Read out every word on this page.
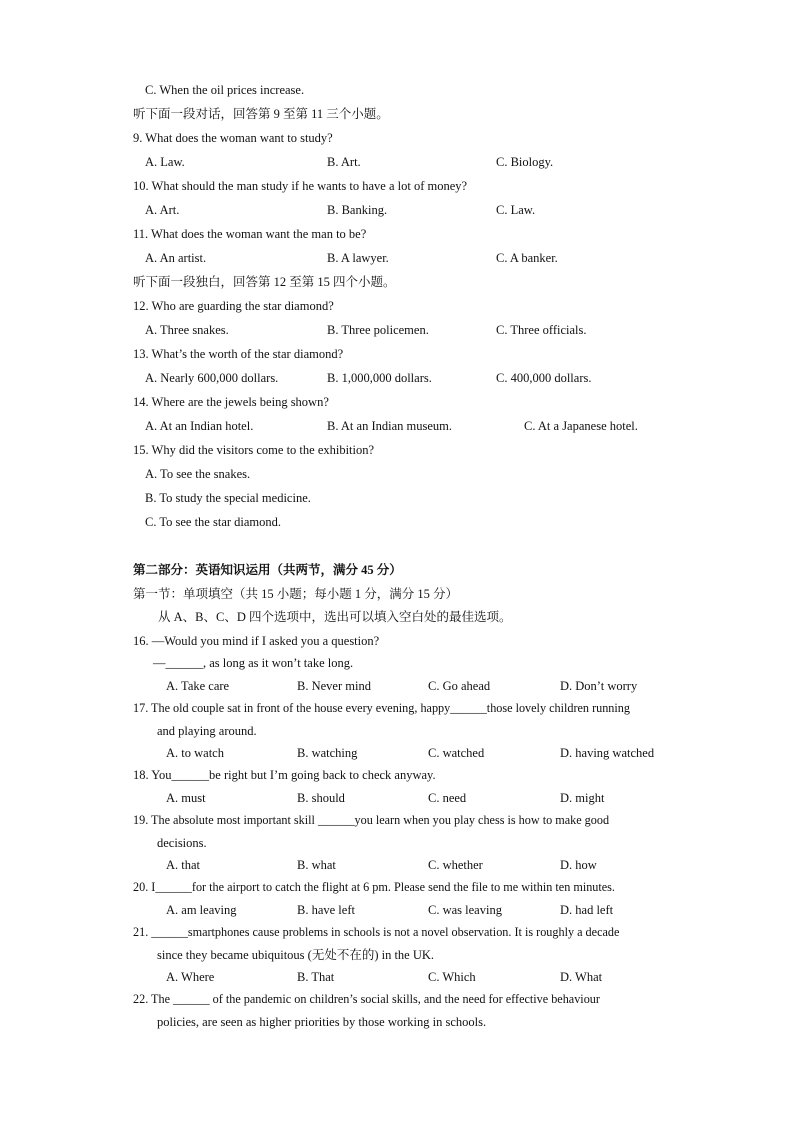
C. When the oil prices increase.
听下面一段对话，回答第 9 至第 11 三个小题。
9. What does the woman want to study?
A. Law.	B. Art.	C. Biology.
10. What should the man study if he wants to have a lot of money?
A. Art.	B. Banking.	C. Law.
11. What does the woman want the man to be?
A. An artist.	B. A lawyer.	C. A banker.
听下面一段独白，回答第 12 至第 15 四个小题。
12. Who are guarding the star diamond?
A. Three snakes.	B. Three policemen.	C. Three officials.
13. What’s the worth of the star diamond?
A. Nearly 600,000 dollars.	B. 1,000,000 dollars.	C. 400,000 dollars.
14. Where are the jewels being shown?
A. At an Indian hotel.	B. At an Indian museum.	C. At a Japanese hotel.
15. Why did the visitors come to the exhibition?
A. To see the snakes.
B. To study the special medicine.
C. To see the star diamond.
第二部分：英语知识运用（共两节，满分 45 分）
第一节：单项填空（共 15 小题；每小题 1 分，满分 15 分）
从 A、B、C、D 四个选项中，选出可以填入空白处的最佳选项。
16. —Would you mind if I asked you a question?
—______, as long as it won’t take long.
A. Take care	B. Never mind	C. Go ahead	D. Don’t worry
17. The old couple sat in front of the house every evening, happy______those lovely children running
and playing around.
A. to watch	B. watching	C. watched	D. having watched
18. You______be right but I’m going back to check anyway.
A. must	B. should	C. need	D. might
19. The absolute most important skill ______you learn when you play chess is how to make good
decisions.
A. that	B. what	C. whether	D. how
20. I______for the airport to catch the flight at 6 pm. Please send the file to me within ten minutes.
A. am leaving	B. have left	C. was leaving	D. had left
21. ______smartphones cause problems in schools is not a novel observation. It is roughly a decade
since they became ubiquitous (无处不在的) in the UK.
A. Where	B. That	C. Which	D. What
22. The ______ of the pandemic on children’s social skills, and the need for effective behaviour
policies, are seen as higher priorities by those working in schools.
